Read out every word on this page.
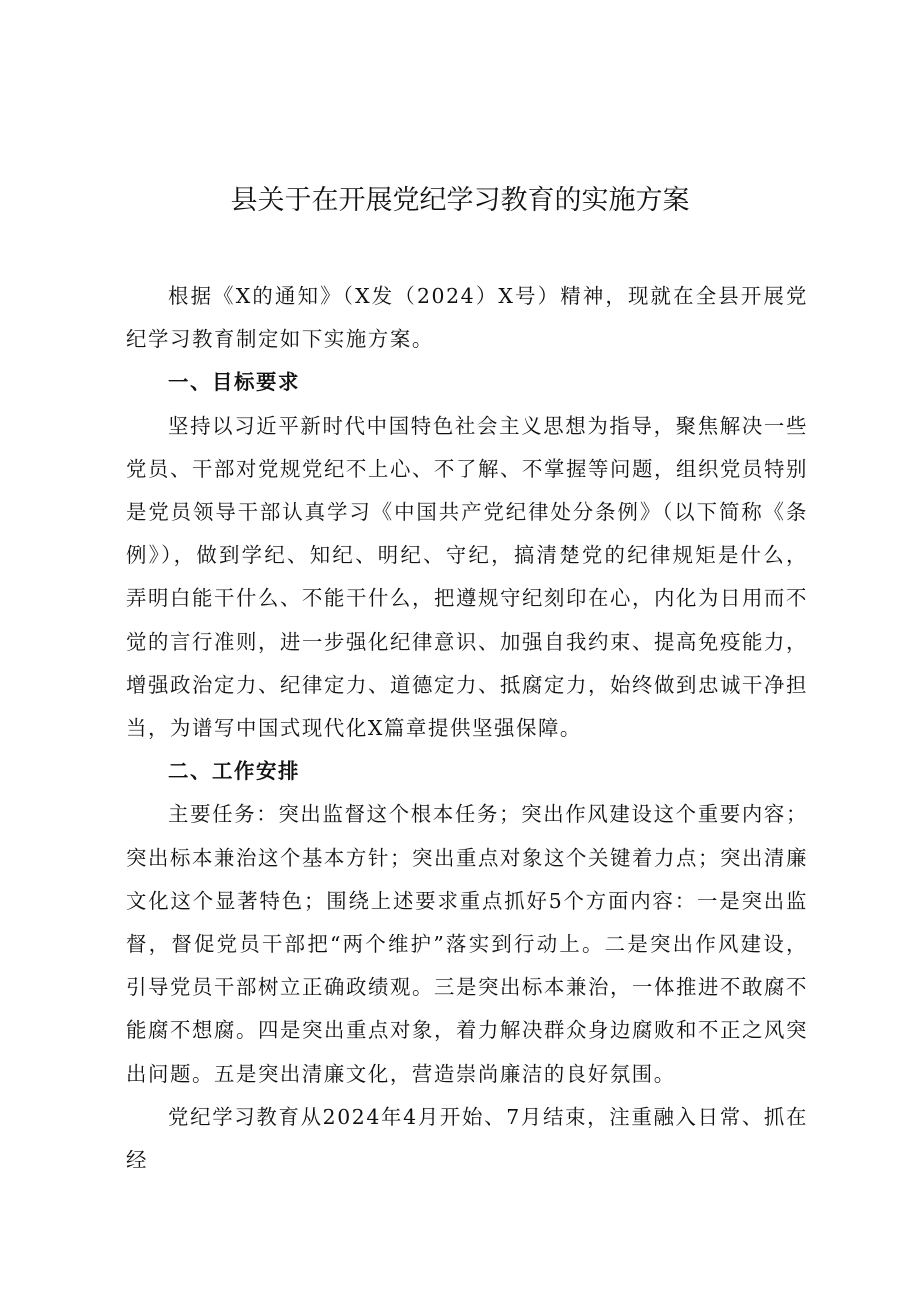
县关于在开展党纪学习教育的实施方案

根据《X的通知》（X发（2024）X号）精神，现就在全县开展党纪学习教育制定如下实施方案。

一、目标要求

坚持以习近平新时代中国特色社会主义思想为指导，聚焦解决一些党员、干部对党规党纪不上心、不了解、不掌握等问题，组织党员特别是党员领导干部认真学习《中国共产党纪律处分条例》（以下简称《条例》），做到学纪、知纪、明纪、守纪，搞清楚党的纪律规矩是什么，弄明白能干什么、不能干什么，把遵规守纪刻印在心，内化为日用而不觉的言行准则，进一步强化纪律意识、加强自我约束、提高免疫能力，增强政治定力、纪律定力、道德定力、抵腐定力，始终做到忠诚干净担当，为谱写中国式现代化X篇章提供坚强保障。

二、工作安排

主要任务：突出监督这个根本任务；突出作风建设这个重要内容；突出标本兼治这个基本方针；突出重点对象这个关键着力点；突出清廉文化这个显著特色；围绕上述要求重点抓好5个方面内容：一是突出监督，督促党员干部把“两个维护”落实到行动上。二是突出作风建设，引导党员干部树立正确政绩观。三是突出标本兼治，一体推进不敢腐不能腐不想腐。四是突出重点对象，着力解决群众身边腐败和不正之风突出问题。五是突出清廉文化，营造崇尚廉洁的良好氛围。

党纪学习教育从2024年4月开始、7月结束，注重融入日常、抓在经
